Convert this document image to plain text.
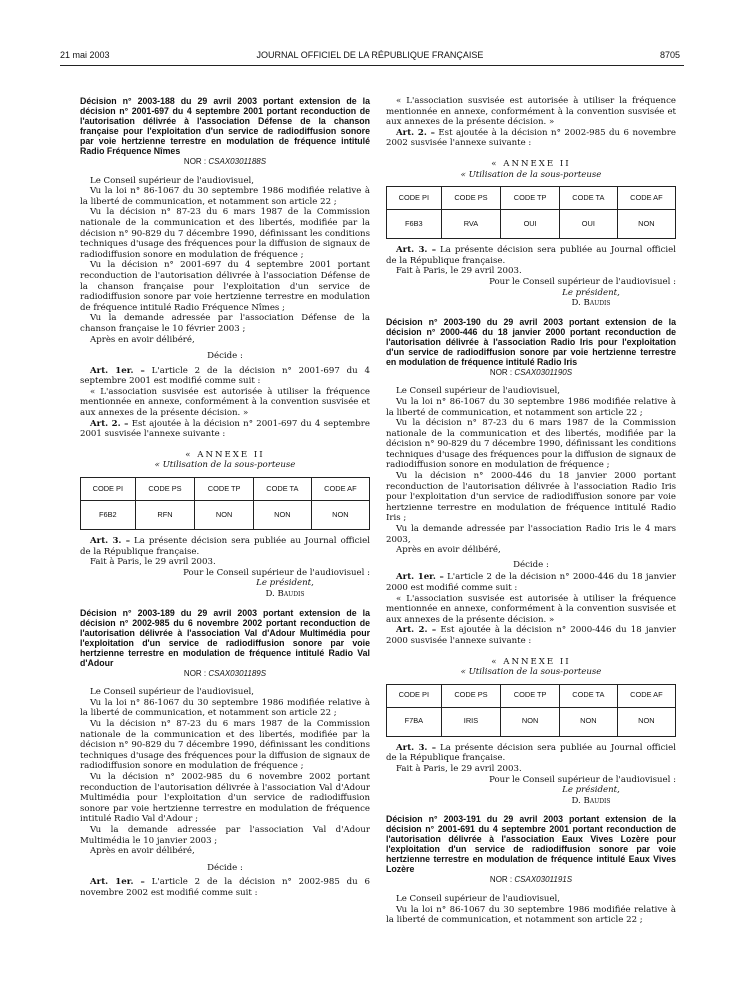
21 mai 2003	JOURNAL OFFICIEL DE LA RÉPUBLIQUE FRANÇAISE	8705
Décision n° 2003-188 du 29 avril 2003 portant extension de la décision n° 2001-697 du 4 septembre 2001 portant reconduction de l'autorisation délivrée à l'association Défense de la chanson française pour l'exploitation d'un service de radiodiffusion sonore par voie hertzienne terrestre en modulation de fréquence intitulé Radio Fréquence Nîmes
NOR : CSAX0301188S

Le Conseil supérieur de l'audiovisuel,

Vu la loi n° 86-1067 du 30 septembre 1986 modifiée relative à la liberté de communication, et notamment son article 22 ;

Vu la décision n° 87-23 du 6 mars 1987 de la Commission nationale de la communication et des libertés, modifiée par la décision n° 90-829 du 7 décembre 1990, définissant les conditions techniques d'usage des fréquences pour la diffusion de signaux de radiodiffusion sonore en modulation de fréquence ;

Vu la décision n° 2001-697 du 4 septembre 2001 portant reconduction de l'autorisation délivrée à l'association Défense de la chanson française pour l'exploitation d'un service de radiodiffusion sonore par voie hertzienne terrestre en modulation de fréquence intitulé Radio Fréquence Nîmes ;

Vu la demande adressée par l'association Défense de la chanson française le 10 février 2003 ;

Après en avoir délibéré,

Décide :

Art. 1er. – L'article 2 de la décision n° 2001-697 du 4 septembre 2001 est modifié comme suit :

« L'association susvisée est autorisée à utiliser la fréquence mentionnée en annexe, conformément à la convention susvisée et aux annexes de la présente décision. »

Art. 2. – Est ajoutée à la décision n° 2001-697 du 4 septembre 2001 susvisée l'annexe suivante :

« ANNEXE II

« Utilisation de la sous-porteuse

CODE PI	CODE PS	CODE TP	CODE TA	CODE AF
F6B2	RFN	NON	NON	NON

Art. 3. – La présente décision sera publiée au Journal officiel de la République française.

Fait à Paris, le 29 avril 2003.

Pour le Conseil supérieur de l'audiovisuel :

Le président,

D. Baudis

Décision n° 2003-189 du 29 avril 2003 portant extension de la décision n° 2002-985 du 6 novembre 2002 portant reconduction de l'autorisation délivrée à l'association Val d'Adour Multimédia pour l'exploitation d'un service de radiodiffusion sonore par voie hertzienne terrestre en modulation de fréquence intitulé Radio Val d'Adour
NOR : CSAX0301189S

Le Conseil supérieur de l'audiovisuel,

Vu la loi n° 86-1067 du 30 septembre 1986 modifiée relative à la liberté de communication, et notamment son article 22 ;

Vu la décision n° 87-23 du 6 mars 1987 de la Commission nationale de la communication et des libertés, modifiée par la décision n° 90-829 du 7 décembre 1990, définissant les conditions techniques d'usage des fréquences pour la diffusion de signaux de radiodiffusion sonore en modulation de fréquence ;

Vu la décision n° 2002-985 du 6 novembre 2002 portant reconduction de l'autorisation délivrée à l'association Val d'Adour Multimédia pour l'exploitation d'un service de radiodiffusion sonore par voie hertzienne terrestre en modulation de fréquence intitulé Radio Val d'Adour ;

Vu la demande adressée par l'association Val d'Adour Multimédia le 10 janvier 2003 ;

Après en avoir délibéré,

Décide :

Art. 1er. – L'article 2 de la décision n° 2002-985 du 6 novembre 2002 est modifié comme suit :

« L'association susvisée est autorisée à utiliser la fréquence mentionnée en annexe, conformément à la convention susvisée et aux annexes de la présente décision. »

Art. 2. – Est ajoutée à la décision n° 2002-985 du 6 novembre 2002 susvisée l'annexe suivante :

« ANNEXE II

« Utilisation de la sous-porteuse

CODE PI	CODE PS	CODE TP	CODE TA	CODE AF
F6B3	RVA	OUI	OUI	NON

Art. 3. – La présente décision sera publiée au Journal officiel de la République française.

Fait à Paris, le 29 avril 2003.

Pour le Conseil supérieur de l'audiovisuel :

Le président,

D. Baudis

Décision n° 2003-190 du 29 avril 2003 portant extension de la décision n° 2000-446 du 18 janvier 2000 portant reconduction de l'autorisation délivrée à l'association Radio Iris pour l'exploitation d'un service de radiodiffusion sonore par voie hertzienne terrestre en modulation de fréquence intitulé Radio Iris
NOR : CSAX0301190S

Le Conseil supérieur de l'audiovisuel,

Vu la loi n° 86-1067 du 30 septembre 1986 modifiée relative à la liberté de communication, et notamment son article 22 ;

Vu la décision n° 87-23 du 6 mars 1987 de la Commission nationale de la communication et des libertés, modifiée par la décision n° 90-829 du 7 décembre 1990, définissant les conditions techniques d'usage des fréquences pour la diffusion de signaux de radiodiffusion sonore en modulation de fréquence ;

Vu la décision n° 2000-446 du 18 janvier 2000 portant reconduction de l'autorisation délivrée à l'association Radio Iris pour l'exploitation d'un service de radiodiffusion sonore par voie hertzienne terrestre en modulation de fréquence intitulé Radio Iris ;

Vu la demande adressée par l'association Radio Iris le 4 mars 2003,

Après en avoir délibéré,

Décide :

Art. 1er. – L'article 2 de la décision n° 2000-446 du 18 janvier 2000 est modifié comme suit :

« L'association susvisée est autorisée à utiliser la fréquence mentionnée en annexe, conformément à la convention susvisée et aux annexes de la présente décision. »

Art. 2. – Est ajoutée à la décision n° 2000-446 du 18 janvier 2000 susvisée l'annexe suivante :

« ANNEXE II

« Utilisation de la sous-porteuse

CODE PI	CODE PS	CODE TP	CODE TA	CODE AF
F7BA	IRIS	NON	NON	NON

Art. 3. – La présente décision sera publiée au Journal officiel de la République française.

Fait à Paris, le 29 avril 2003.

Pour le Conseil supérieur de l'audiovisuel :

Le président,

D. Baudis

Décision n° 2003-191 du 29 avril 2003 portant extension de la décision n° 2001-691 du 4 septembre 2001 portant reconduction de l'autorisation délivrée à l'association Eaux Vives Lozère pour l'exploitation d'un service de radiodiffusion sonore par voie hertzienne terrestre en modulation de fréquence intitulé Eaux Vives Lozère
NOR : CSAX0301191S

Le Conseil supérieur de l'audiovisuel,

Vu la loi n° 86-1067 du 30 septembre 1986 modifiée relative à la liberté de communication, et notamment son article 22 ;
